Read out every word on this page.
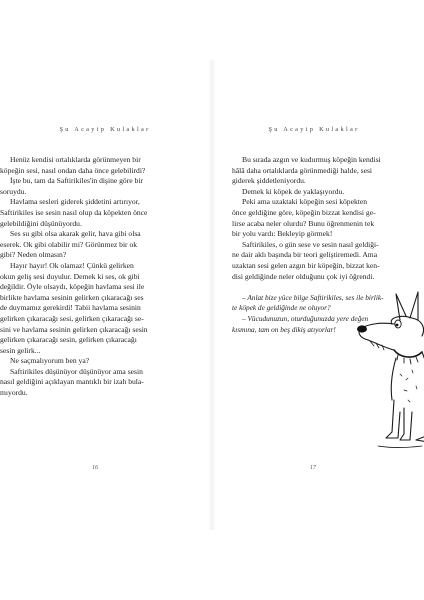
Şu Acayip Kulaklar
Henüz kendisi ortalıklarda görünmeyen bir
köpeğin sesi, nasıl ondan daha önce gelebilirdi?
İşte bu, tam da Saftirikiles'in dişine göre bir
soruydu.
Havlama sesleri giderek şiddetini artırıyor,
Saftirikiles ise sesin nasıl olup da köpekten önce
gelebildiğini düşünüyordu.
Ses su gibi olsa akarak gelir, hava gibi olsa
eserek. Ok gibi olabilir mi? Görünmez bir ok
gibi? Neden olmasın?
Hayır hayır! Ok olamaz! Çünkü gelirken
okun geliş sesi duyulur. Demek ki ses, ok gibi
değildir. Öyle olsaydı, köpeğin havlama sesi ile
birlikte havlama sesinin gelirken çıkaracağı ses
de duymamız gerekirdi! Tabii havlama sesinin
gelirken çıkaracağı sesi, gelirken çıkaracağı se-
sini ve havlama sesinin gelirken çıkaracağı sesin
gelirken çıkaracağı sesin, gelirken çıkaracağı
sesin gelirk...
Ne saçmalıyorum ben ya?
Saftirikiles düşünüyor düşünüyor ama sesin
nasıl geldiğini açıklayan mantıklı bir izah bula-
mıyordu.
16
Şu Acayip Kulaklar
Bu sırada azgın ve kudurmuş köpeğin kendisi
hâlâ daha ortalıklarda görünmediği halde, sesi
giderek şiddetleniyordu.
Demek ki köpek de yaklaşıyordu.
Peki ama uzaktaki köpeğin sesi köpekten
önce geldiğine göre, köpeğin bizzat kendisi ge-
lirse acaba neler olurdu? Bunu öğrenmenin tek
bir yolu vardı: Bekleyip görmek!
Saftirikiles, o gün sese ve sesin nasıl geldiği-
ne dair aklı başında bir teori geliştiremedi. Ama
uzaktan sesi gelen azgın bir köpeğin, bizzat ken-
disi geldiğinde neler olduğunu çok iyi öğrendi.

– Anlat bize yüce bilge Saftirikiles, ses ile birlik-
te köpek de geldiğinde ne oluyor?
– Vücudunuzun, oturduğunuzda yere değen
kısmına, tam on beş dikiş atıyorlar!
17
